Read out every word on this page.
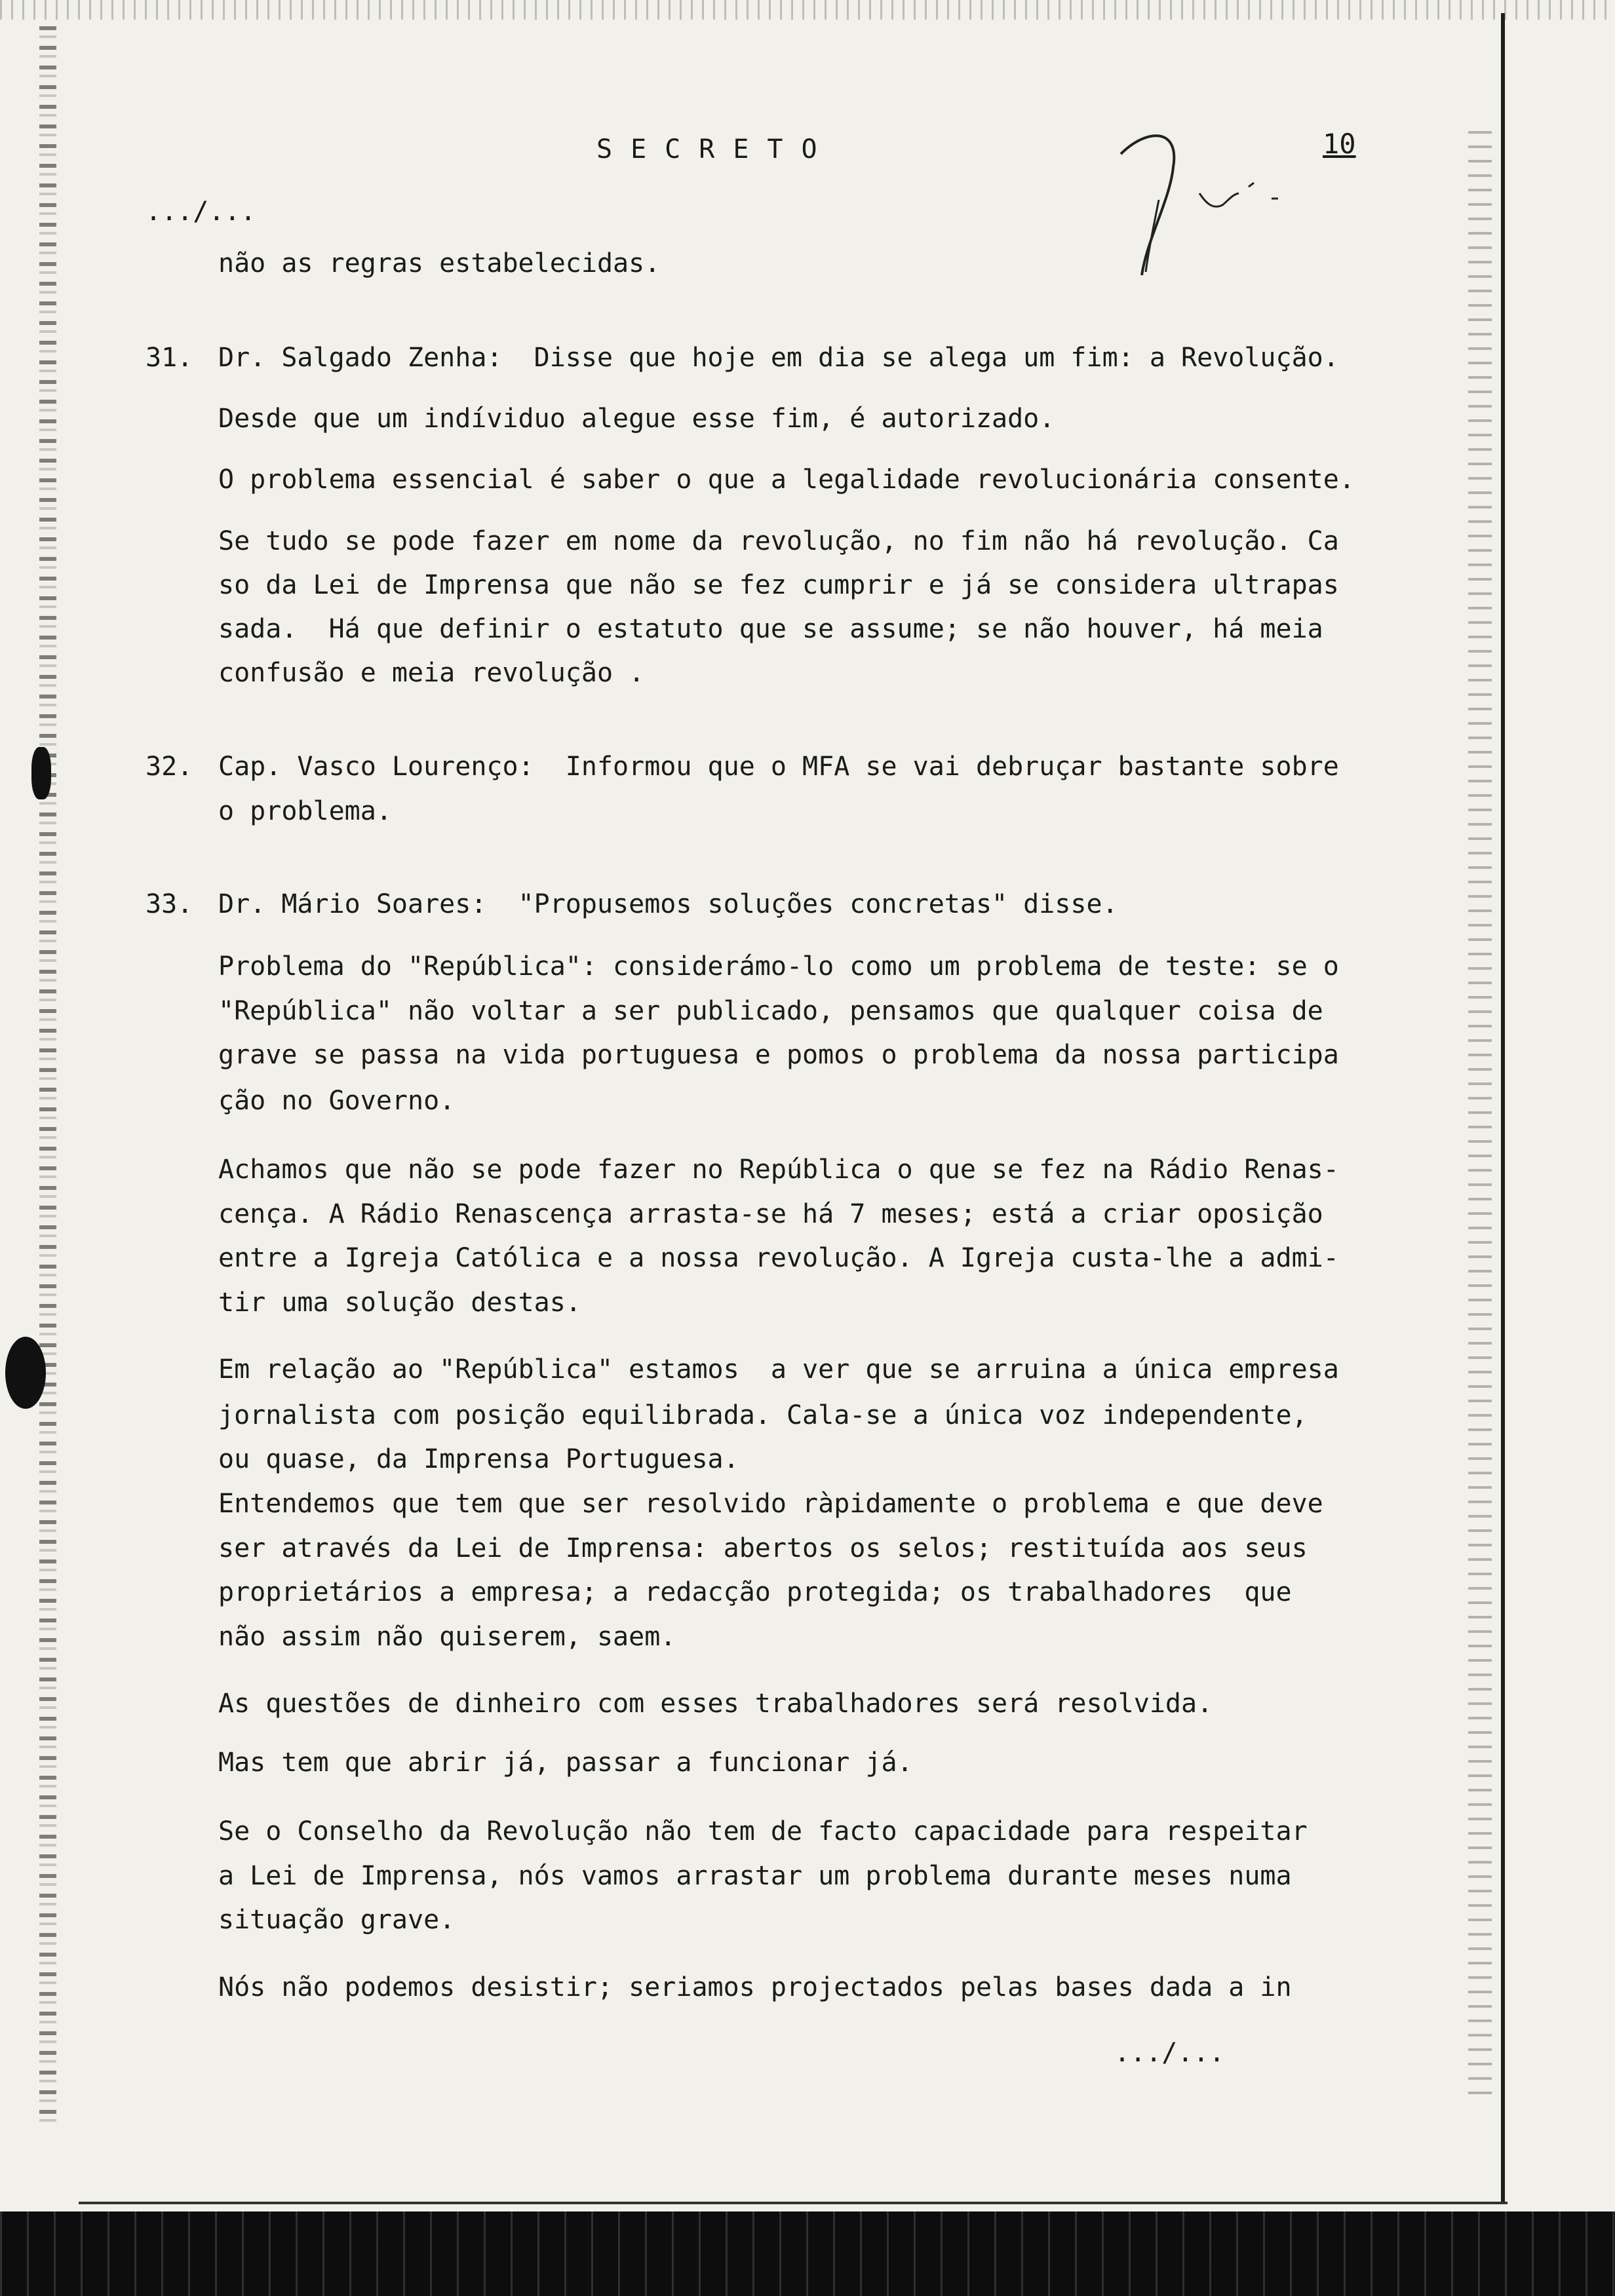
SECRETO	10
.../...
não as regras estabelecidas.
31. Dr. Salgado Zenha:  Disse que hoje em dia se alega um fim: a Revolução.
Desde que um indíviduo alegue esse fim, é autorizado.
O problema essencial é saber o que a legalidade revolucionária consente.
Se tudo se pode fazer em nome da revolução, no fim não há revolução. Ca
so da Lei de Imprensa que não se fez cumprir e já se considera ultrapas
sada.  Há que definir o estatuto que se assume; se não houver, há meia
confusão e meia revolução .
32. Cap. Vasco Lourenço:  Informou que o MFA se vai debruçar bastante sobre
o problema.
33. Dr. Mário Soares:  "Propusemos soluções concretas" disse.
Problema do "República": considerámo-lo como um problema de teste: se o
"República" não voltar a ser publicado, pensamos que qualquer coisa de
grave se passa na vida portuguesa e pomos o problema da nossa participa
ção no Governo.
Achamos que não se pode fazer no República o que se fez na Rádio Renas-
cença. A Rádio Renascença arrasta-se há 7 meses; está a criar oposição
entre a Igreja Católica e a nossa revolução. A Igreja custa-lhe a admi-
tir uma solução destas.
Em relação ao "República" estamos  a ver que se arruina a única empresa
jornalista com posição equilibrada. Cala-se a única voz independente,
ou quase, da Imprensa Portuguesa.
Entendemos que tem que ser resolvido ràpidamente o problema e que deve
ser através da Lei de Imprensa: abertos os selos; restituída aos seus
proprietários a empresa; a redacção protegida; os trabalhadores  que
não assim não quiserem, saem.
As questões de dinheiro com esses trabalhadores será resolvida.
Mas tem que abrir já, passar a funcionar já.
Se o Conselho da Revolução não tem de facto capacidade para respeitar
a Lei de Imprensa, nós vamos arrastar um problema durante meses numa
situação grave.
Nós não podemos desistir; seriamos projectados pelas bases dada a in
.../...
